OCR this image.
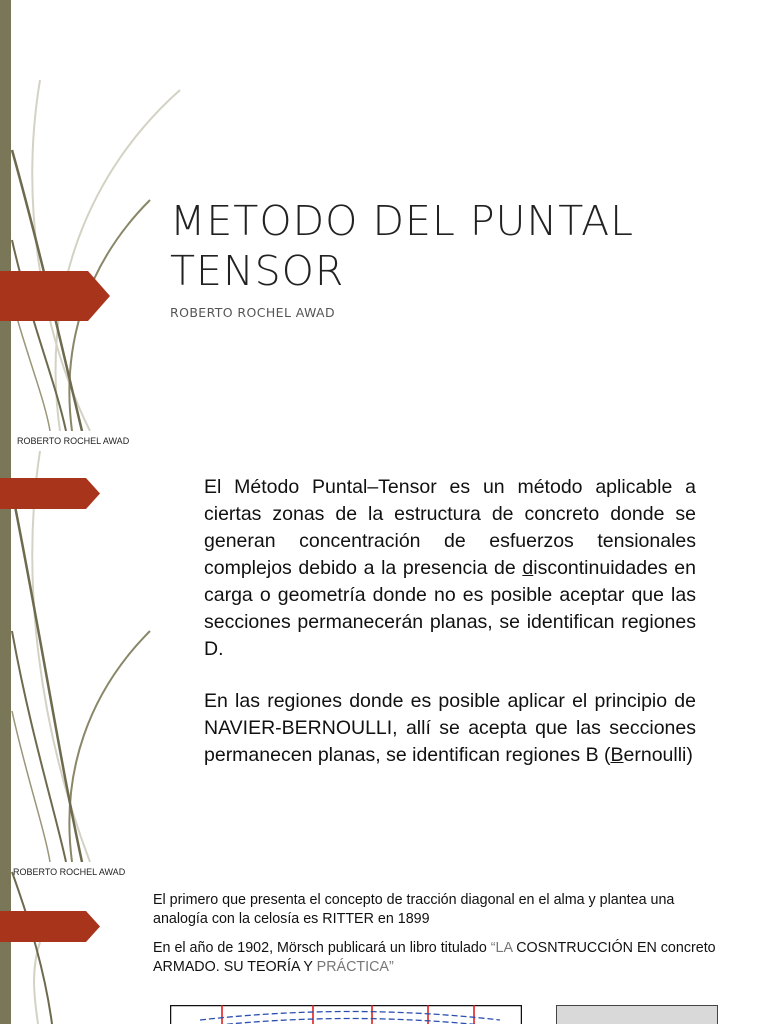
METODO DEL PUNTAL
TENSOR
ROBERTO ROCHEL AWAD
ROBERTO ROCHEL AWAD

El Método Puntal–Tensor es un método aplicable a ciertas zonas de la estructura de concreto donde se generan concentración de esfuerzos tensionales complejos debido a la presencia de discontinuidades en carga o geometría donde no es posible aceptar que las secciones permanecerán planas, se identifican regiones D.

En las regiones donde es posible aplicar el principio de NAVIER-BERNOULLI, allí se acepta que las secciones permanecen planas, se identifican regiones B (Bernoulli)

ROBERTO ROCHEL AWAD

El primero que presenta el concepto de tracción diagonal en el alma y plantea una analogía con la celosía es RITTER en 1899

En el año de 1902, Mörsch publicará un libro titulado “LA COSNTRUCCIÓN EN concreto ARMADO. SU TEORÍA Y PRÁCTICA”
